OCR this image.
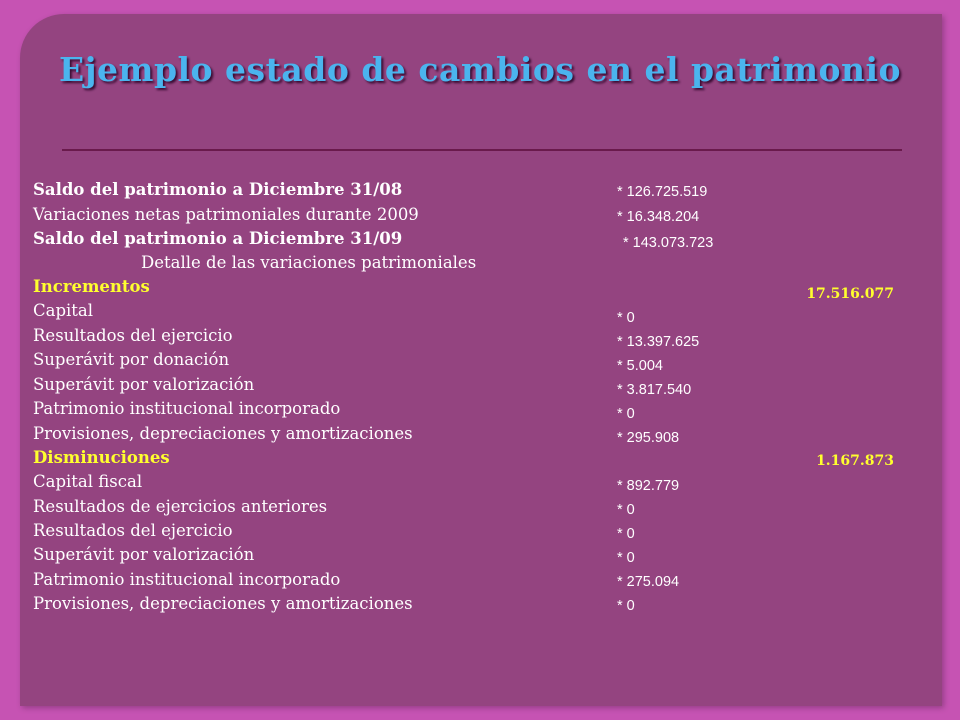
Ejemplo estado de cambios en el patrimonio
Saldo del patrimonio a Diciembre 31/08
Variaciones netas patrimoniales durante 2009
Saldo del patrimonio a Diciembre 31/09
Detalle de las variaciones patrimoniales
Incrementos
Capital
Resultados del ejercicio
Superávit por donación
Superávit por valorización
Patrimonio institucional incorporado
Provisiones, depreciaciones y amortizaciones
Disminuciones
Capital fiscal
Resultados de ejercicios anteriores
Resultados del ejercicio
Superávit por valorización
Patrimonio institucional incorporado
Provisiones, depreciaciones y amortizaciones
* 126.725.519
* 16.348.204
* 143.073.723
17.516.077
* 0
* 13.397.625
* 5.004
* 3.817.540
* 0
* 295.908
1.167.873
* 892.779
* 0
* 0
* 0
* 275.094
* 0
